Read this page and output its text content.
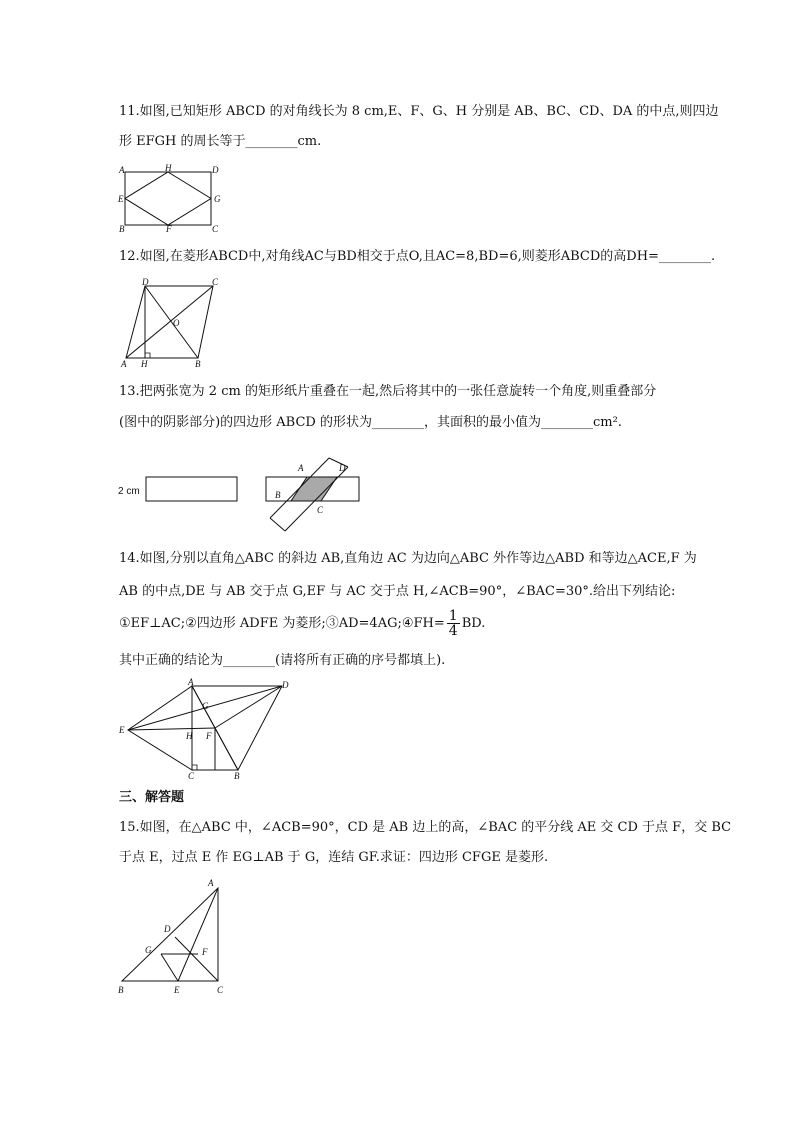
11.如图,已知矩形 ABCD 的对角线长为 8 cm,E、F、G、H 分别是 AB、BC、CD、DA 的中点,则四边
形 EFGH 的周长等于________cm.
A	H	D
E	G
B	F	C
12.如图,在菱形ABCD中,对角线AC与BD相交于点O,且AC=8,BD=6,则菱形ABCD的高DH=________.
D	C
O
A H	B
13.把两张宽为 2 cm 的矩形纸片重叠在一起,然后将其中的一张任意旋转一个角度,则重叠部分
(图中的阴影部分)的四边形 ABCD 的形状为________，其面积的最小值为________cm².
2 cm
A	D
B
C
14.如图,分别以直角△ABC 的斜边 AB,直角边 AC 为边向△ABC 外作等边△ABD 和等边△ACE,F 为
AB 的中点,DE 与 AB 交于点 G,EF 与 AC 交于点 H,∠ACB=90°，∠BAC=30°.给出下列结论:
①EF⊥AC;②四边形 ADFE 为菱形;③AD=4AG;④FH= $\frac{1}{4}$ BD.
其中正确的结论为________(请将所有正确的序号都填上).
A	D
G
E
H F
C	B
三、解答题
15.如图，在△ABC 中，∠ACB=90°，CD 是 AB 边上的高，∠BAC 的平分线 AE 交 CD 于点 F，交 BC
于点 E，过点 E 作 EG⊥AB 于 G，连结 GF.求证：四边形 CFGE 是菱形.
A
D
G	F
B	E	C
